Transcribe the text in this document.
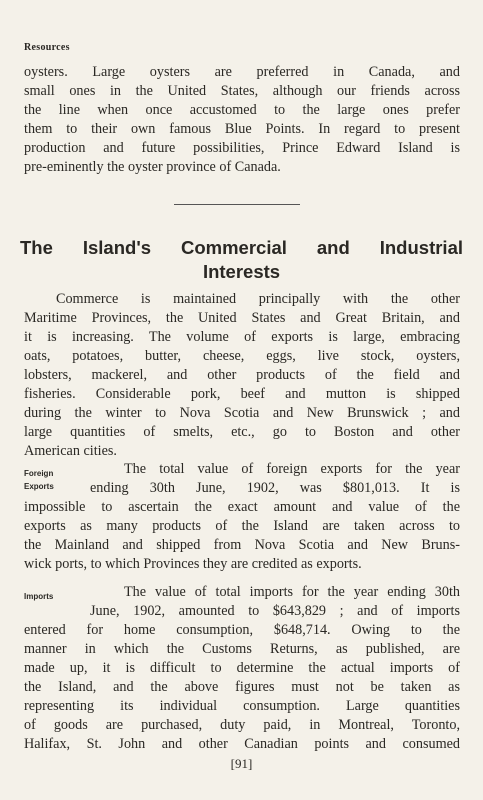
Resources
oysters. Large oysters are preferred in Canada, and
small ones in the United States, although our friends across
the line when once accustomed to the large ones prefer
them to their own famous Blue Points. In regard to present
production and future possibilities, Prince Edward Island is
pre-eminently the oyster province of Canada.
The Island's Commercial and Industrial
Interests
Commerce is maintained principally with the other
Maritime Provinces, the United States and Great Britain, and
it is increasing. The volume of exports is large, embracing
oats, potatoes, butter, cheese, eggs, live stock, oysters,
lobsters, mackerel, and other products of the field and
fisheries. Considerable pork, beef and mutton is shipped
during the winter to Nova Scotia and New Brunswick ; and
large quantities of smelts, etc., go to Boston and other
American cities.
Foreign
Exports
The total value of foreign exports for the year
ending 30th June, 1902, was $801,013. It is
impossible to ascertain the exact amount and value of the
exports as many products of the Island are taken across to
the Mainland and shipped from Nova Scotia and New Bruns-
wick ports, to which Provinces they are credited as exports.
Imports	The value of total imports for the year ending 30th
June, 1902, amounted to $643,829 ; and of imports
entered for home consumption, $648,714. Owing to the
manner in which the Customs Returns, as published, are
made up, it is difficult to determine the actual imports of
the Island, and the above figures must not be taken as
representing its individual consumption. Large quantities
of goods are purchased, duty paid, in Montreal, Toronto,
Halifax, St. John and other Canadian points and consumed
[91]
